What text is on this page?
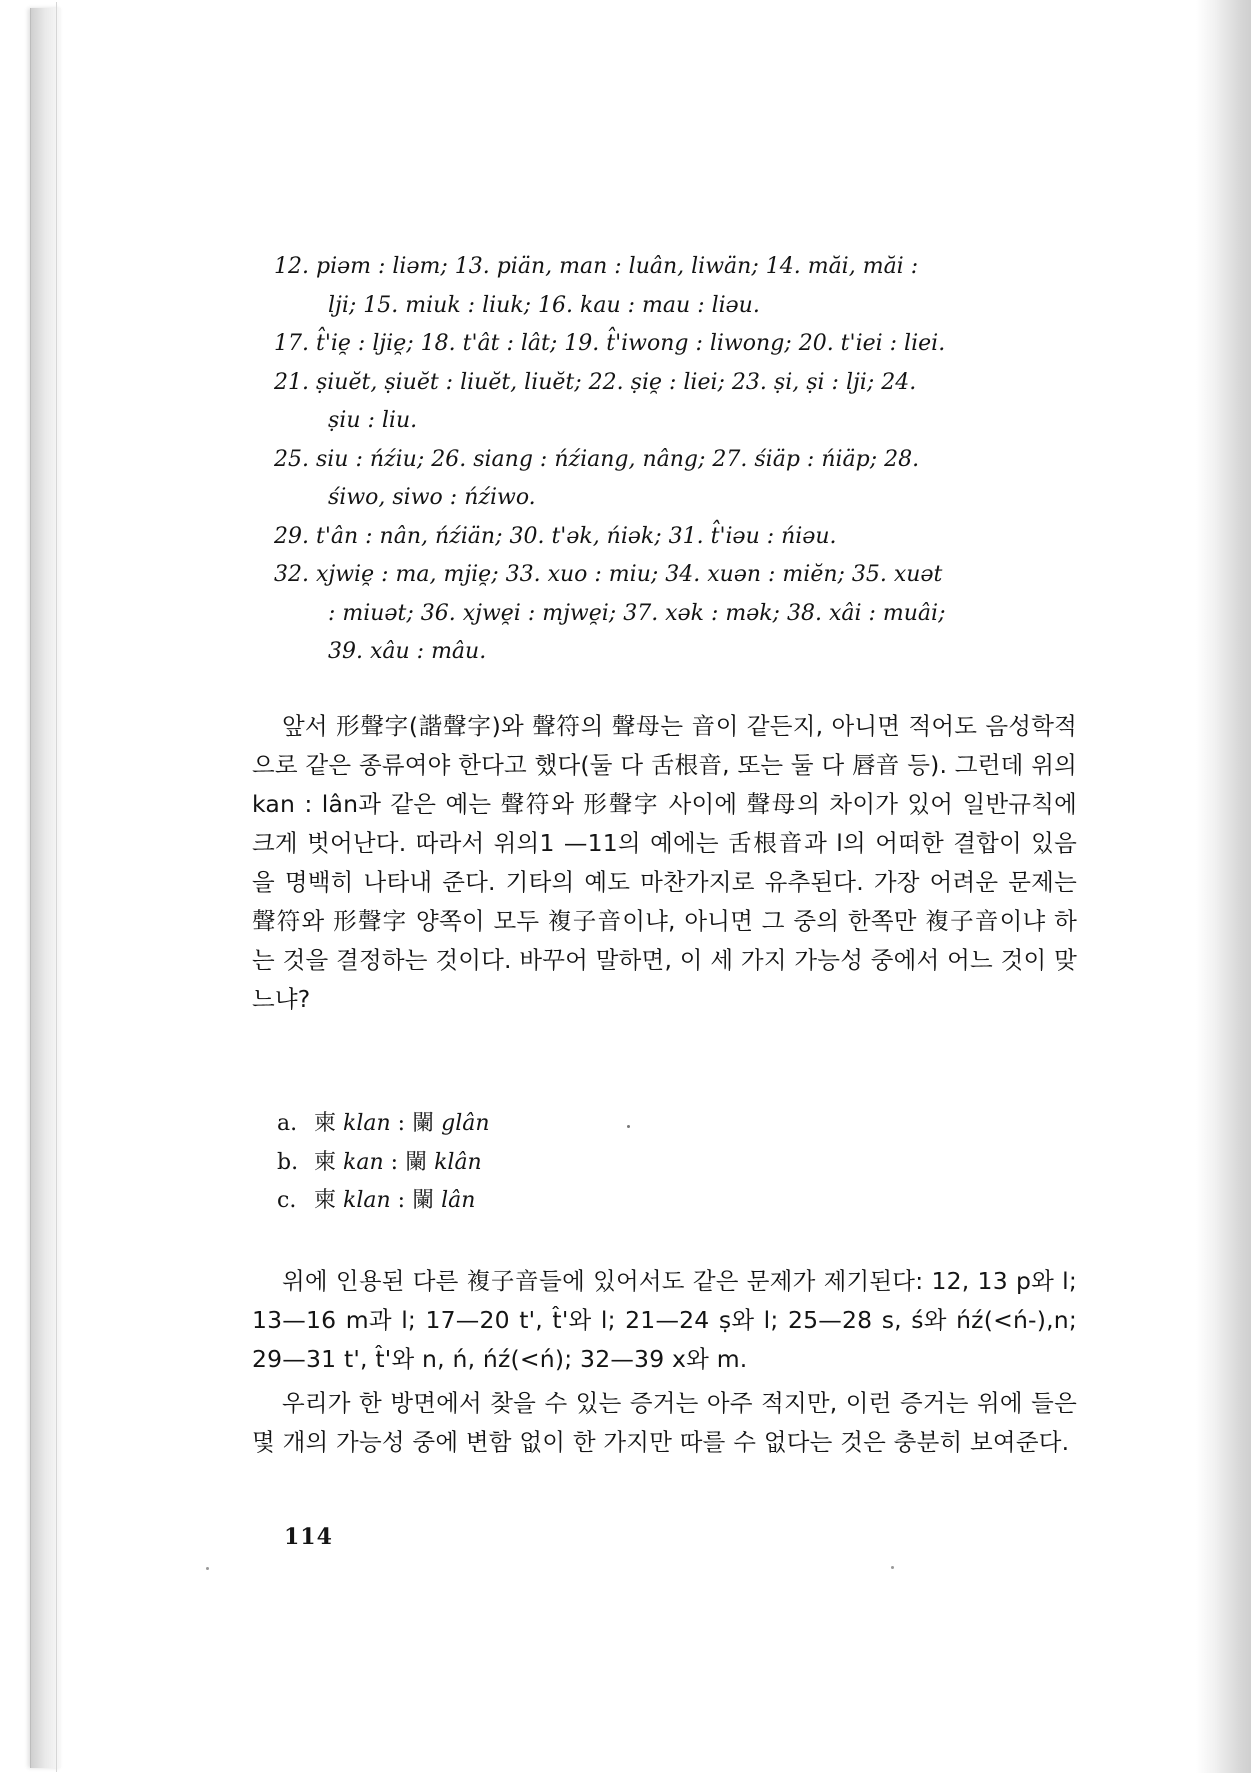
12. piəm : liəm; 13. piän, man : luân, liwän; 14. măi, măi :

lji; 15. miuk : liuk; 16. kau : mau : liəu.

17. t̂'ie̯ : ljie̯; 18. t'ât : lât; 19. t̂'iwong : liwong; 20. t'iei : liei.

21. ṣiuĕt, ṣiuĕt : liuĕt, liuĕt; 22. ṣie̯ : liei; 23. ṣi, ṣi : lji; 24.

ṣiu : liu.

25. siu : ńźiu; 26. siang : ńźiang, nâng; 27. śiäp : ńiäp; 28.

śiwo, siwo : ńźiwo.

29. t'ân : nân, ńźiän; 30. t'ək, ńiək; 31. t̂'iəu : ńiəu.

32. xjwie̯ : ma, mjie̯; 33. xuo : miu; 34. xuən : miĕn; 35. xuət

: miuət; 36. xjwe̯i : mjwe̯i; 37. xək : mək; 38. xâi : muâi;

39. xâu : mâu.

앞서 形聲字(諧聲字)와 聲符의 聲母는 音이 같든지, 아니면 적어도 음성학적으로 같은 종류여야 한다고 했다(둘 다 舌根音, 또는 둘 다 唇音 등). 그런데 위의 kan : lân과 같은 예는 聲符와 形聲字 사이에 聲母의 차이가 있어 일반규칙에 크게 벗어난다. 따라서 위의1 —11의 예에는 舌根音과 l의 어떠한 결합이 있음을 명백히 나타내 준다. 기타의 예도 마찬가지로 유추된다. 가장 어려운 문제는 聲符와 形聲字 양쪽이 모두 複子音이냐, 아니면 그 중의 한쪽만 複子音이냐 하는 것을 결정하는 것이다. 바꾸어 말하면, 이 세 가지 가능성 중에서 어느 것이 맞느냐?

a. 柬 klan : 闌 glân

b. 柬 kan : 闌 klân

c. 柬 klan : 闌 lân

위에 인용된 다른 複子音들에 있어서도 같은 문제가 제기된다: 12, 13 p와 l; 13—16 m과 l; 17—20 t', t̂'와 l; 21—24 ṣ와 l; 25—28 s, ś와 ńź(<ń-),n; 29—31 t', t̂'와 n, ń, ńź(<ń); 32—39 x와 m.

우리가 한 방면에서 찾을 수 있는 증거는 아주 적지만, 이런 증거는 위에 들은 몇 개의 가능성 중에 변함 없이 한 가지만 따를 수 없다는 것은 충분히 보여준다.

114
